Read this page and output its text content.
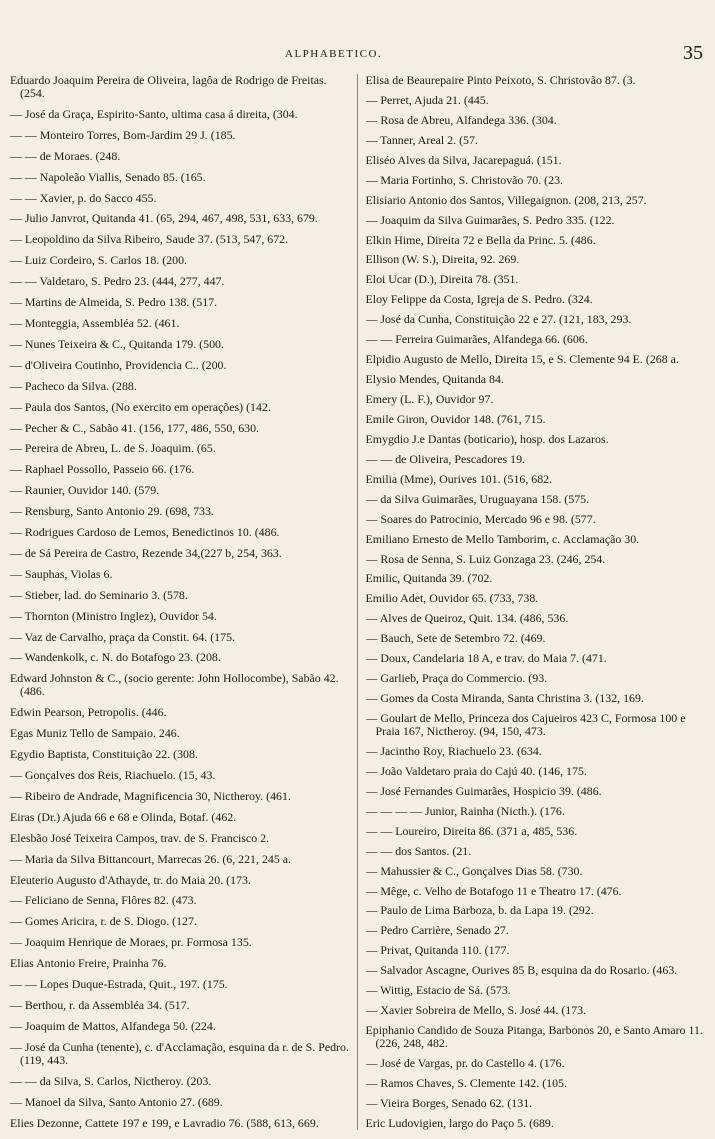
ALPHABETICO.	35
Eduardo Joaquim Pereira de Oliveira, lagôa de Rodrigo de Freitas. (254.
— José da Graça, Espirito-Santo, ultima casa á direita, (304.
— — Monteiro Torres, Bom-Jardim 29 J. (185.
— — de Moraes. (248.
— — Napoleão Viallis, Senado 85. (165.
— — Xavier, p. do Sacco 455.
— Julio Janvrot, Quitanda 41. (65, 294, 467, 498, 531, 633, 679.
— Leopoldino da Silva Ribeiro, Saude 37. (513, 547, 672.
— Luiz Cordeiro, S. Carlos 18. (200.
— — Valdetaro, S. Pedro 23. (444, 277, 447.
— Martins de Almeida, S. Pedro 138. (517.
— Monteggia, Assembléa 52. (461.
— Nunes Teixeira & C., Quitanda 179. (500.
— d'Oliveira Coutinho, Providencia C.. (200.
— Pacheco da Silva. (288.
— Paula dos Santos, (No exercito em operações) (142.
— Pecher & C., Sabão 41. (156, 177, 486, 550, 630.
— Pereira de Abreu, L. de S. Joaquim. (65.
— Raphael Possollo, Passeio 66. (176.
— Raunier, Ouvidor 140. (579.
— Rensburg, Santo Antonio 29. (698, 733.
— Rodrigues Cardoso de Lemos, Benedictinos 10. (486.
— de Sá Pereira de Castro, Rezende 34,(227 b, 254, 363.
— Sauphas, Violas 6.
— Stieber, lad. do Seminario 3. (578.
— Thornton (Ministro Inglez), Ouvidor 54.
— Vaz de Carvalho, praça da Constit. 64. (175.
— Wandenkolk, c. N. do Botafogo 23. (208.
Edward Johnston & C., (socio gerente: John Hollocombe), Sabão 42. (486.
Edwin Pearson, Petropolis. (446.
Egas Muniz Tello de Sampaio. 246.
Egydio Baptista, Constituição 22. (308.
— Gonçalves dos Reis, Riachuelo. (15, 43.
— Ribeiro de Andrade, Magnificencia 30, Nictheroy. (461.
Eiras (Dr.) Ajuda 66 e 68 e Olinda, Botaf. (462.
Elesbão José Teixeira Campos, trav. de S. Francisco 2.
— Maria da Silva Bittancourt, Marrecas 26. (6, 221, 245 a.
Eleuterio Augusto d'Athayde, tr. do Maia 20. (173.
— Feliciano de Senna, Flôres 82. (473.
— Gomes Aricira, r. de S. Diogo. (127.
— Joaquim Henrique de Moraes, pr. Formosa 135.
Elias Antonio Freire, Prainha 76.
— — Lopes Duque-Estrada, Quit., 197. (175.
— Berthou, r. da Assembléa 34. (517.
— Joaquim de Mattos, Alfandega 50. (224.
— José da Cunha (tenente), c. d'Acclamação, esquina da r. de S. Pedro. (119, 443.
— — da Silva, S. Carlos, Nictheroy. (203.
— Manoel da Silva, Santo Antonio 27. (689.
Elies Dezonne, Cattete 197 e 199, e Lavradio 76. (588, 613, 669.
Elisa de Beaurepaire Pinto Peixoto, S. Christovão 87. (3.
— Perret, Ajuda 21. (445.
— Rosa de Abreu, Alfandega 336. (304.
— Tanner, Areal 2. (57.
Eliséo Alves da Silva, Jacarepaguá. (151.
— Maria Fortinho, S. Christovão 70. (23.
Elisiario Antonio dos Santos, Villegaignon. (208, 213, 257.
— Joaquim da Silva Guimarães, S. Pedro 335. (122.
Elkin Hime, Direita 72 e Bella da Princ. 5. (486.
Ellison (W. S.), Direita, 92. 269.
Eloi Ucar (D.), Direita 78. (351.
Eloy Felippe da Costa, Igreja de S. Pedro. (324.
— José da Cunha, Constituição 22 e 27. (121, 183, 293.
— — Ferreira Guimarães, Alfandega 66. (606.
Elpidio Augusto de Mello, Direita 15, e S. Clemente 94 E. (268 a.
Elysio Mendes, Quitanda 84.
Emery (L. F.), Ouvidor 97.
Emile Giron, Ouvidor 148. (761, 715.
Emygdio J.e Dantas (boticario), hosp. dos Lazaros.
— — de Oliveira, Pescadores 19.
Emilia (Mme), Ourives 101. (516, 682.
— da Silva Guimarães, Uruguayana 158. (575.
— Soares do Patrocinio, Mercado 96 e 98. (577.
Emiliano Ernesto de Mello Tamborim, c. Acclamação 30.
— Rosa de Senna, S. Luiz Gonzaga 23. (246, 254.
Emilic, Quitanda 39. (702.
Emilio Adet, Ouvidor 65. (733, 738.
— Alves de Queiroz, Quit. 134. (486, 536.
— Bauch, Sete de Setembro 72. (469.
— Doux, Candelaria 18 A, e trav. do Maia 7. (471.
— Garlieb, Praça do Commercio. (93.
— Gomes da Costa Miranda, Santa Christina 3. (132, 169.
— Goulart de Mello, Princeza dos Cajueiros 423 C, Formosa 100 e Praia 167, Nictheroy. (94, 150, 473.
— Jacintho Roy, Riachuelo 23. (634.
— João Valdetaro praia do Cajú 40. (146, 175.
— José Fernandes Guimarães, Hospicio 39. (486.
— — — — Junior, Rainha (Nicth.). (176.
— — Loureiro, Direita 86. (371 a, 485, 536.
— — dos Santos. (21.
— Mahussier & C., Gonçalves Dias 58. (730.
— Mêge, c. Velho de Botafogo 11 e Theatro 17. (476.
— Paulo de Lima Barboza, b. da Lapa 19. (292.
— Pedro Carrière, Senado 27.
— Privat, Quitanda 110. (177.
— Salvador Ascagne, Ourives 85 B, esquina da do Rosario. (463.
— Wittig, Estacio de Sá. (573.
— Xavier Sobreira de Mello, S. José 44. (173.
Epiphanio Candido de Souza Pitanga, Barbonos 20, e Santo Amaro 11. (226, 248, 482.
— José de Vargas, pr. do Castello 4. (176.
— Ramos Chaves, S. Clemente 142. (105.
— Vieira Borges, Senado 62. (131.
Eric Ludovigien, largo do Paço 5. (689.
